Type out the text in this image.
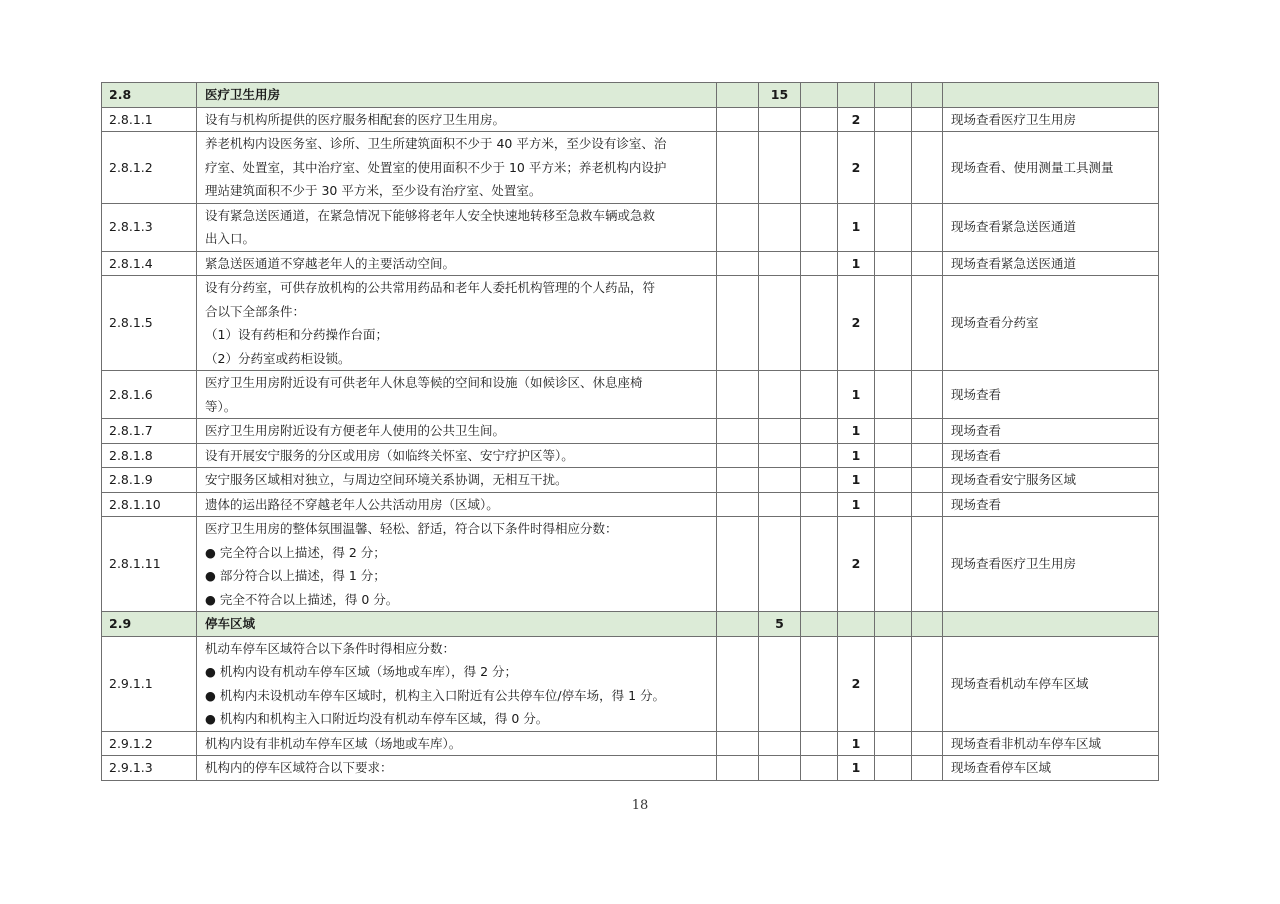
2.8	医疗卫生用房		15					
2.8.1.1	设有与机构所提供的医疗服务相配套的医疗卫生用房。				2			现场查看医疗卫生用房
2.8.1.2	养老机构内设医务室、诊所、卫生所建筑面积不少于 40 平方米，至少设有诊室、治
疗室、处置室，其中治疗室、处置室的使用面积不少于 10 平方米；养老机构内设护
理站建筑面积不少于 30 平方米，至少设有治疗室、处置室。				2			现场查看、使用测量工具测量
2.8.1.3	设有紧急送医通道，在紧急情况下能够将老年人安全快速地转移至急救车辆或急救
出入口。				1			现场查看紧急送医通道
2.8.1.4	紧急送医通道不穿越老年人的主要活动空间。				1			现场查看紧急送医通道
2.8.1.5	设有分药室，可供存放机构的公共常用药品和老年人委托机构管理的个人药品，符
合以下全部条件：
（1）设有药柜和分药操作台面；
（2）分药室或药柜设锁。				2			现场查看分药室
2.8.1.6	医疗卫生用房附近设有可供老年人休息等候的空间和设施（如候诊区、休息座椅
等）。				1			现场查看
2.8.1.7	医疗卫生用房附近设有方便老年人使用的公共卫生间。				1			现场查看
2.8.1.8	设有开展安宁服务的分区或用房（如临终关怀室、安宁疗护区等）。				1			现场查看
2.8.1.9	安宁服务区域相对独立，与周边空间环境关系协调，无相互干扰。				1			现场查看安宁服务区域
2.8.1.10	遗体的运出路径不穿越老年人公共活动用房（区域）。				1			现场查看
2.8.1.11	医疗卫生用房的整体氛围温馨、轻松、舒适，符合以下条件时得相应分数：
● 完全符合以上描述，得 2 分；
● 部分符合以上描述，得 1 分；
● 完全不符合以上描述，得 0 分。				2			现场查看医疗卫生用房
2.9	停车区域		5					
2.9.1.1	机动车停车区域符合以下条件时得相应分数：
● 机构内设有机动车停车区域（场地或车库），得 2 分；
● 机构内未设机动车停车区域时，机构主入口附近有公共停车位/停车场，得 1 分。
● 机构内和机构主入口附近均没有机动车停车区域，得 0 分。				2			现场查看机动车停车区域
2.9.1.2	机构内设有非机动车停车区域（场地或车库）。				1			现场查看非机动车停车区域
2.9.1.3	机构内的停车区域符合以下要求：				1			现场查看停车区域
18
